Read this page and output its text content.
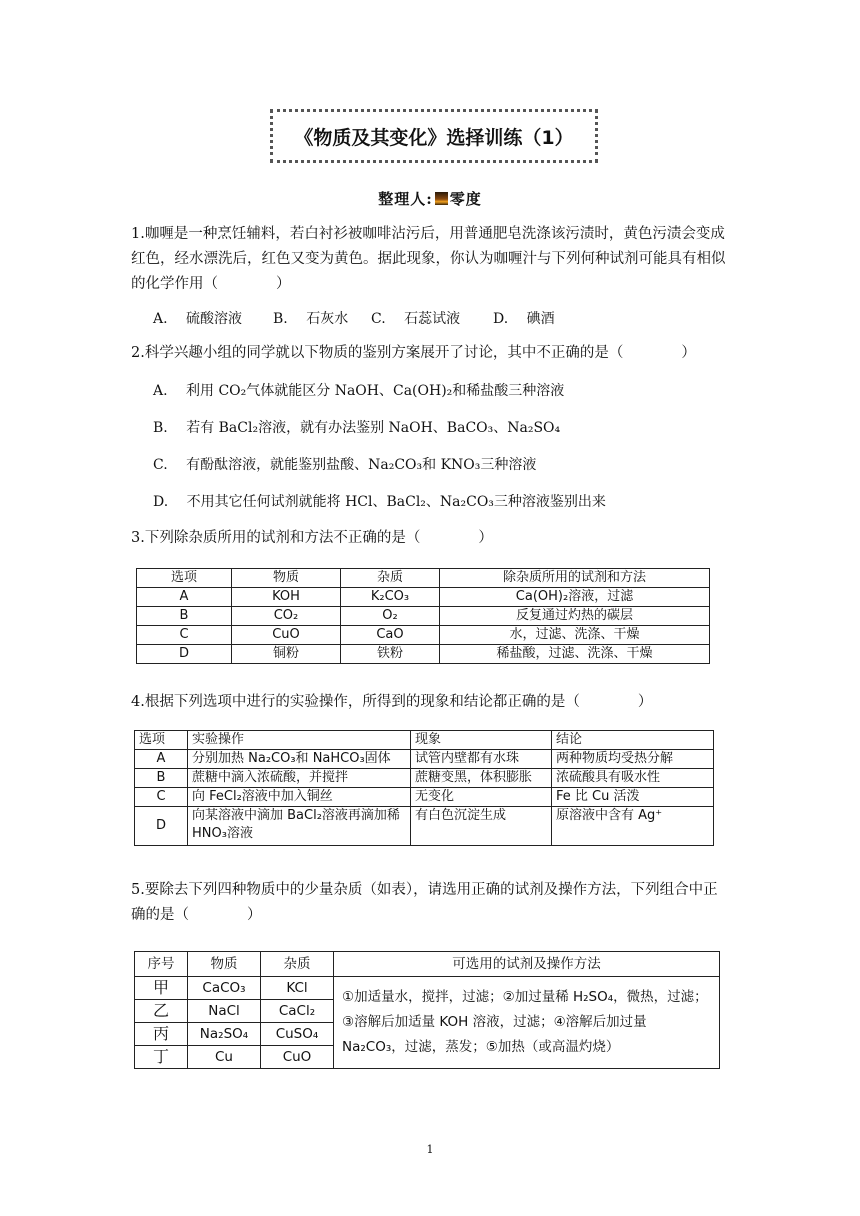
《物质及其变化》选择训练（1）
整理人: 零度
1.咖喱是一种烹饪辅料，若白衬衫被咖啡沾污后，用普通肥皂洗涤该污渍时，黄色污渍会变成红色，经水漂洗后，红色又变为黄色。据此现象，你认为咖喱汁与下列何种试剂可能具有相似的化学作用（　　　　）
A.　 硫酸溶液 B.　 石灰水 C.　 石蕊试液 D.　 碘酒
2.科学兴趣小组的同学就以下物质的鉴别方案展开了讨论，其中不正确的是（　　　　）
A.　 利用 CO₂气体就能区分 NaOH、Ca(OH)₂和稀盐酸三种溶液
B.　 若有 BaCl₂溶液，就有办法鉴别 NaOH、BaCO₃、Na₂SO₄
C.　 有酚酞溶液，就能鉴别盐酸、Na₂CO₃和 KNO₃三种溶液
D.　 不用其它任何试剂就能将 HCl、BaCl₂、Na₂CO₃三种溶液鉴别出来
3.下列除杂质所用的试剂和方法不正确的是（　　　　）
选项	物质	杂质	除杂质所用的试剂和方法
A	KOH	K₂CO₃	Ca(OH)₂溶液，过滤
B	CO₂	O₂	反复通过灼热的碳层
C	CuO	CaO	水，过滤、洗涤、干燥
D	铜粉	铁粉	稀盐酸，过滤、洗涤、干燥
4.根据下列选项中进行的实验操作，所得到的现象和结论都正确的是（　　　　）
选项	实验操作	现象	结论
A	分别加热 Na₂CO₃和 NaHCO₃固体	试管内壁都有水珠	两种物质均受热分解
B	蔗糖中滴入浓硫酸，并搅拌	蔗糖变黑，体积膨胀	浓硫酸具有吸水性
C	向 FeCl₂溶液中加入铜丝	无变化	Fe 比 Cu 活泼
D	向某溶液中滴加 BaCl₂溶液再滴加稀 HNO₃溶液	有白色沉淀生成	原溶液中含有 Ag⁺
5.要除去下列四种物质中的少量杂质（如表），请选用正确的试剂及操作方法，下列组合中正确的是（　　　　）
序号	物质	杂质	可选用的试剂及操作方法
甲	CaCO₃	KCl	①加适量水，搅拌，过滤；②加过量稀 H₂SO₄，微热，过滤；③溶解后加适量 KOH 溶液，过滤；④溶解后加过量 Na₂CO₃，过滤，蒸发；⑤加热（或高温灼烧）
乙	NaCl	CaCl₂	
丙	Na₂SO₄	CuSO₄	
丁	Cu	CuO	
1
